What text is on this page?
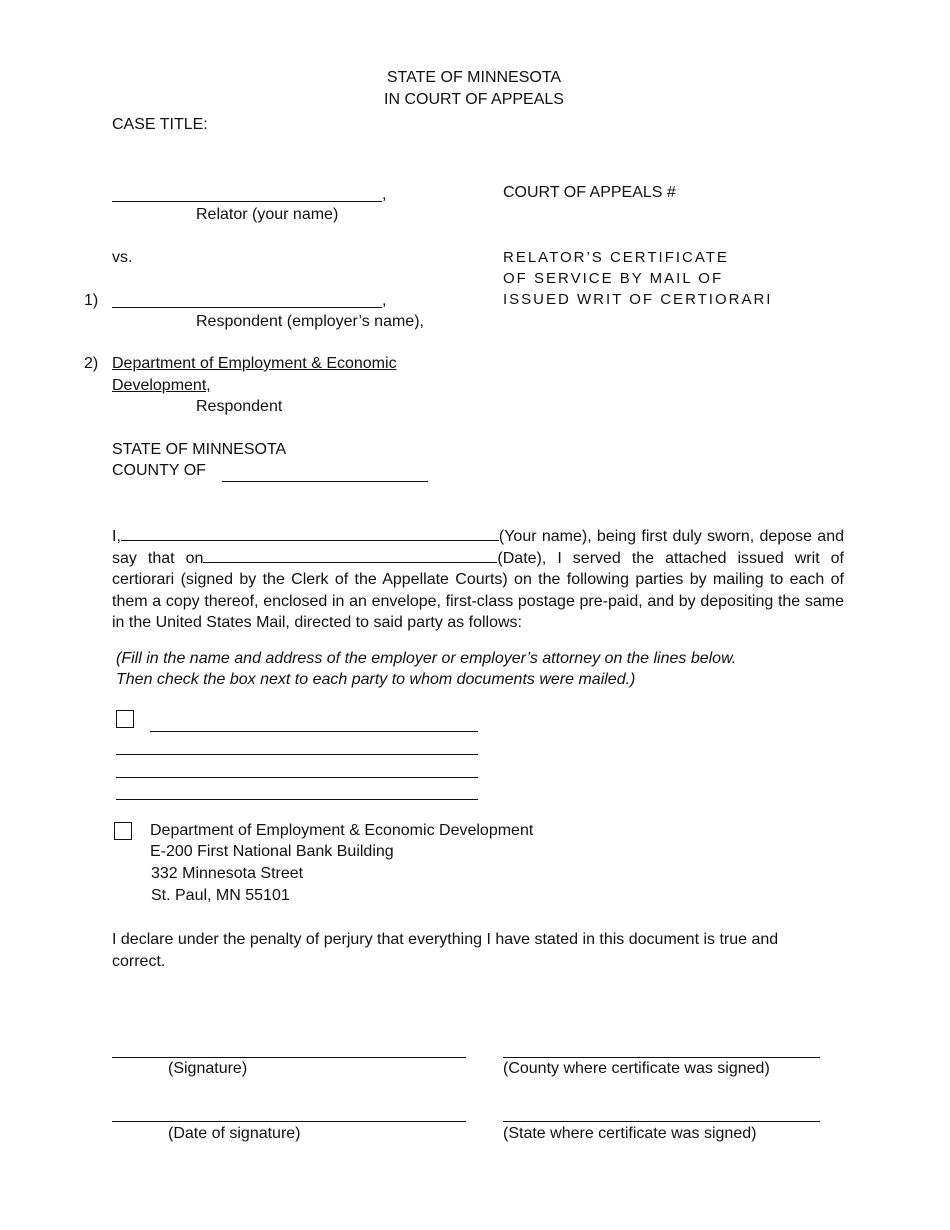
STATE OF MINNESOTA
IN COURT OF APPEALS
CASE TITLE:
,
Relator (your name)
COURT OF APPEALS #
vs.	RELATOR’S CERTIFICATE
OF SERVICE BY MAIL OF
ISSUED WRIT OF CERTIORARI
1)	,
Respondent (employer’s name),
2) Department of Employment & Economic
Development,
Respondent
STATE OF MINNESOTA
COUNTY OF
I,	(Your name), being first duly sworn, depose and say that on	(Date), I served the attached issued writ of certiorari (signed by the Clerk of the Appellate Courts) on the following parties by mailing to each of them a copy thereof, enclosed in an envelope, first-class postage pre-paid, and by depositing the same in the United States Mail, directed to said party as follows:
(Fill in the name and address of the employer or employer’s attorney on the lines below.
Then check the box next to each party to whom documents were mailed.)
Department of Employment & Economic Development
E-200 First National Bank Building
332 Minnesota Street
St. Paul, MN 55101
I declare under the penalty of perjury that everything I have stated in this document is true and correct.
(Signature)	(County where certificate was signed)
(Date of signature)	(State where certificate was signed)
